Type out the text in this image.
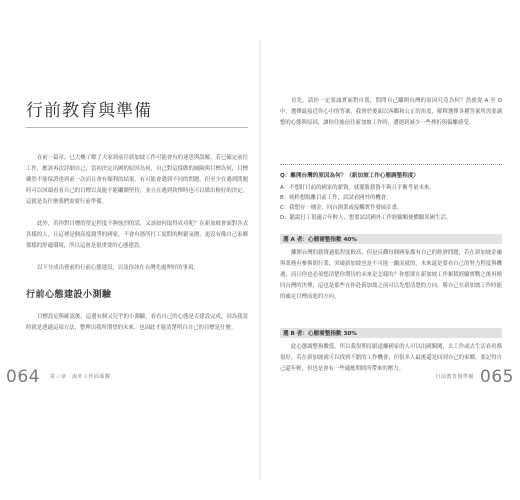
行前教育與準備

在前一篇章，已大概了解了大家到前往新加坡工作可能會有的迷思與誤解，若已確定前往工作，應該再次詳細自己，當初決定出國的原因為何，自己對這樣做的風險與目標為何，目標雖然不能保證達到前一次而且會有順利的結果，有可能會遇到不同的問題，但至少在遇到問題時可以回頭看看自己的目標以及能不能繼續堅持，並且在遇到抉擇時也可以做出較好的決定，這就是為什麼我們需要行前準備。

此外，若你對目標的堅定程度不夠強烈的話，又該如何取得成功呢？在新加坡會面對各式各樣的人，且這裡是個高度競爭的國家，不會有憑所打工度假的輕鬆氛圍，更沒有像自己家鄉那樣的舒適環境，所以這會是很重要的心態建設。

以下分成出發前的行前心態建設，以及你該在台灣先處理好的事項。

行前心態建設小測驗

目標設定與確認後，這邊有個又兒乎的小測驗，看看自己的心態是否建設完成，因為我當時就是透過這項方法，整理出我所期望的未來，也因此才能清楚明白自己的目標是什麼。

064 第三章　海外工作面面觀

首先，請你一定要誠實面對自我，問問自己離開台灣的原因究竟為何？然後從 A 至 D 中，選擇最接近你心中的答案，我會於後面以客觀和公正的角度，解釋選擇各種答案所需要調整的心態與原因，讓你往後前往新加坡工作時，遭遇到減少一些挫折與偏離感受。

Q：離開台灣的原因為何？（新加坡工作心態調整程度）

A：不想盯目前的國家的薪資，就擺脫薪資不夠且平衡考量未來。

B：純粹想脫離目前工作，試試看國外的機會。

C：我想存一桶金，回台創業或接觸實作發展計畫。

D：聽說打工很適合年輕人，想要試試國外工作經驗順便體驗異國生活。

選 A 者：心態需整指數 40%

離開台灣的薪資過低程度較高，但是反觀每個國家都有自己的經濟問題，若在新加坡金融與業務有參與間行業，突破新加坡也是不可能一蹴而就的，未來還是要看自己的努力程度與機遇，而且你也必須想清楚你期待的未來是怎樣的？你想要在新加坡工作累積經驗實戰之後再換回台灣的決擇，這也是那些在你赴新加坡之前可以先想清楚的方向，勝自己在新加坡工作時能的確定目標前進的方向。

選 B 者：心態需整指數 30%

此心態調整指數低，所以我很期待跟遠離國家的人可以出國闖闖，去工作或去生活看看都很好，若在新加坡就可以找到不錯的工作機會，但很多人最後還是回到自己的家鄉，要記得自己還年輕，但也是會有一些適應期間所帶來的壓力。

行前教育與準備 065
